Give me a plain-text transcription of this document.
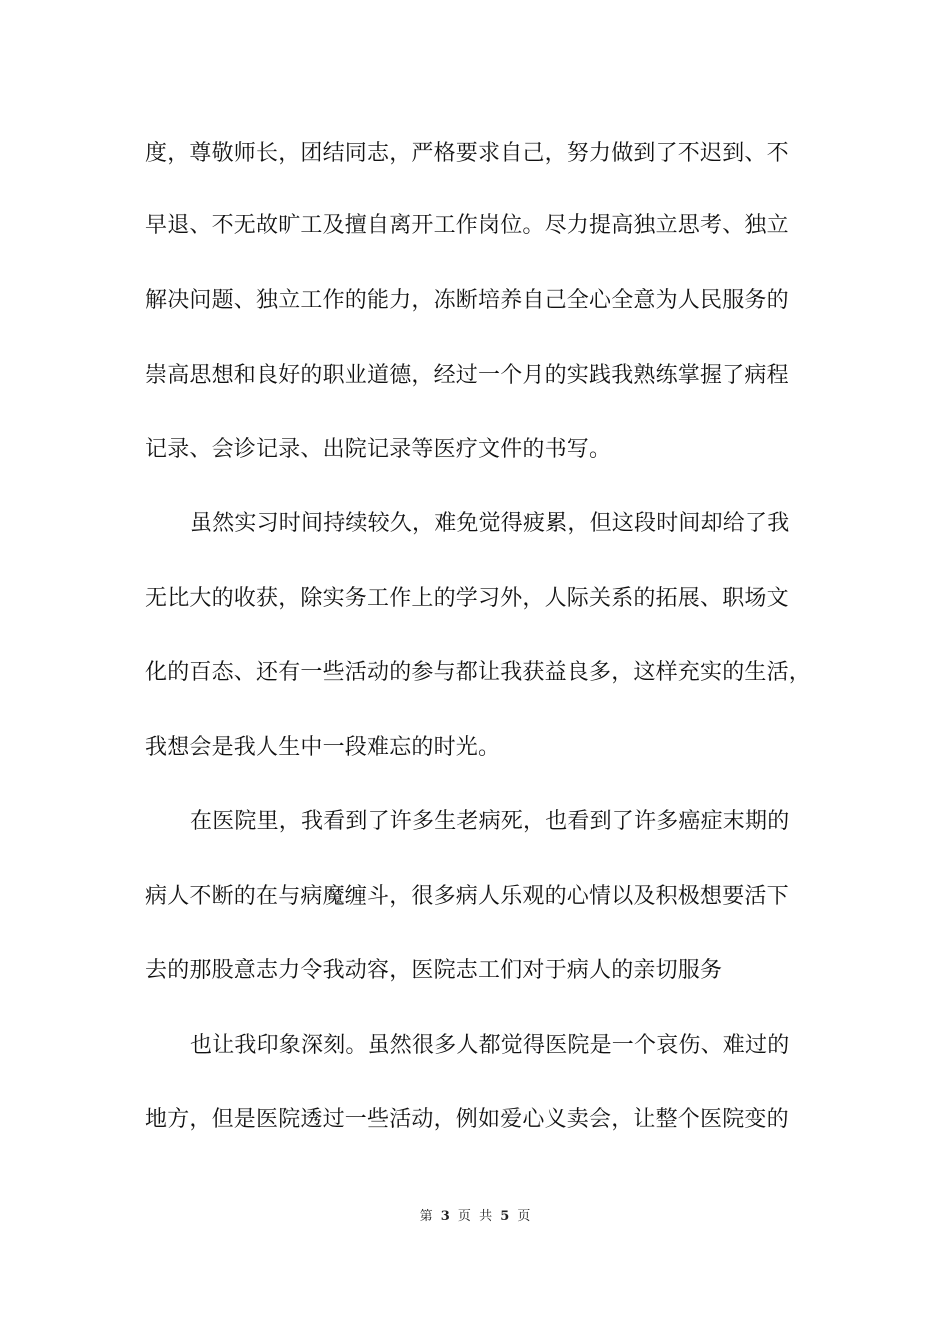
度，尊敬师长，团结同志，严格要求自己，努力做到了不迟到、不
早退、不无故旷工及擅自离开工作岗位。尽力提高独立思考、独立
解决问题、独立工作的能力，冻断培养自己全心全意为人民服务的
崇高思想和良好的职业道德，经过一个月的实践我熟练掌握了病程
记录、会诊记录、出院记录等医疗文件的书写。
虽然实习时间持续较久，难免觉得疲累，但这段时间却给了我
无比大的收获，除实务工作上的学习外，人际关系的拓展、职场文
化的百态、还有一些活动的参与都让我获益良多，这样充实的生活，
我想会是我人生中一段难忘的时光。
在医院里，我看到了许多生老病死，也看到了许多癌症末期的
病人不断的在与病魔缠斗，很多病人乐观的心情以及积极想要活下
去的那股意志力令我动容，医院志工们对于病人的亲切服务
也让我印象深刻。虽然很多人都觉得医院是一个哀伤、难过的
地方，但是医院透过一些活动，例如爱心义卖会，让整个医院变的
第 3 页 共 5 页
